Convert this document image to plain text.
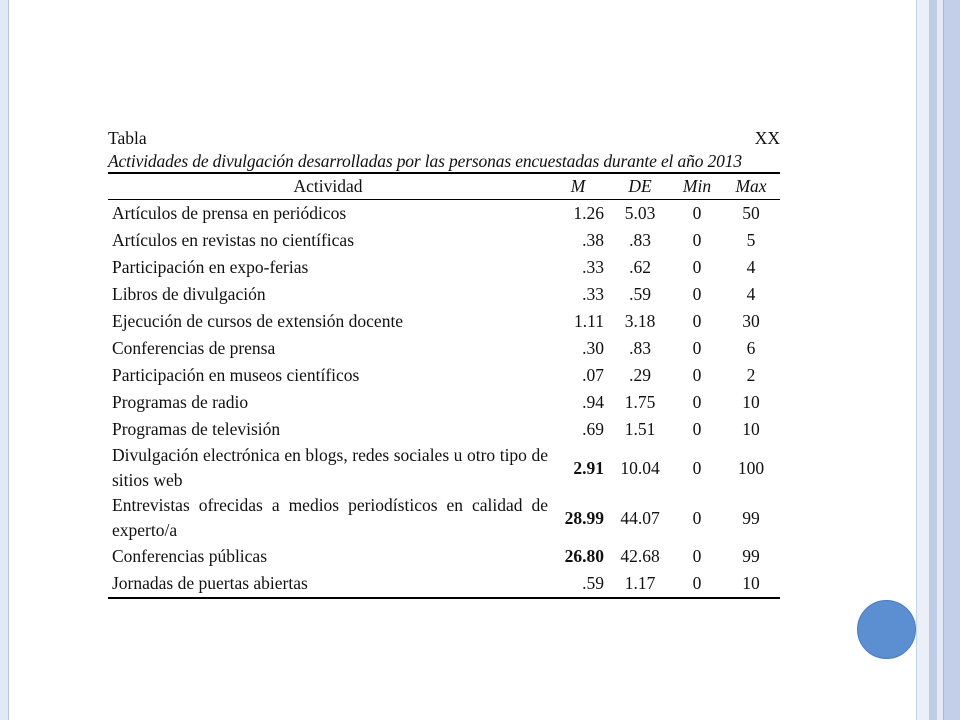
Tabla	XX
Actividades de divulgación desarrolladas por las personas encuestadas durante el año 2013
Actividad	M	DE	Min	Max
Artículos de prensa en periódicos	1.26	5.03	0	50
Artículos en revistas no científicas	.38	.83	0	5
Participación en expo-ferias	.33	.62	0	4
Libros de divulgación	.33	.59	0	4
Ejecución de cursos de extensión docente	1.11	3.18	0	30
Conferencias de prensa	.30	.83	0	6
Participación en museos científicos	.07	.29	0	2
Programas de radio	.94	1.75	0	10
Programas de televisión	.69	1.51	0	10
Divulgación electrónica en blogs, redes sociales u otro tipo de sitios web	2.91	10.04	0	100
Entrevistas ofrecidas a medios periodísticos en calidad de experto/a	28.99	44.07	0	99
Conferencias públicas	26.80	42.68	0	99
Jornadas de puertas abiertas	.59	1.17	0	10
